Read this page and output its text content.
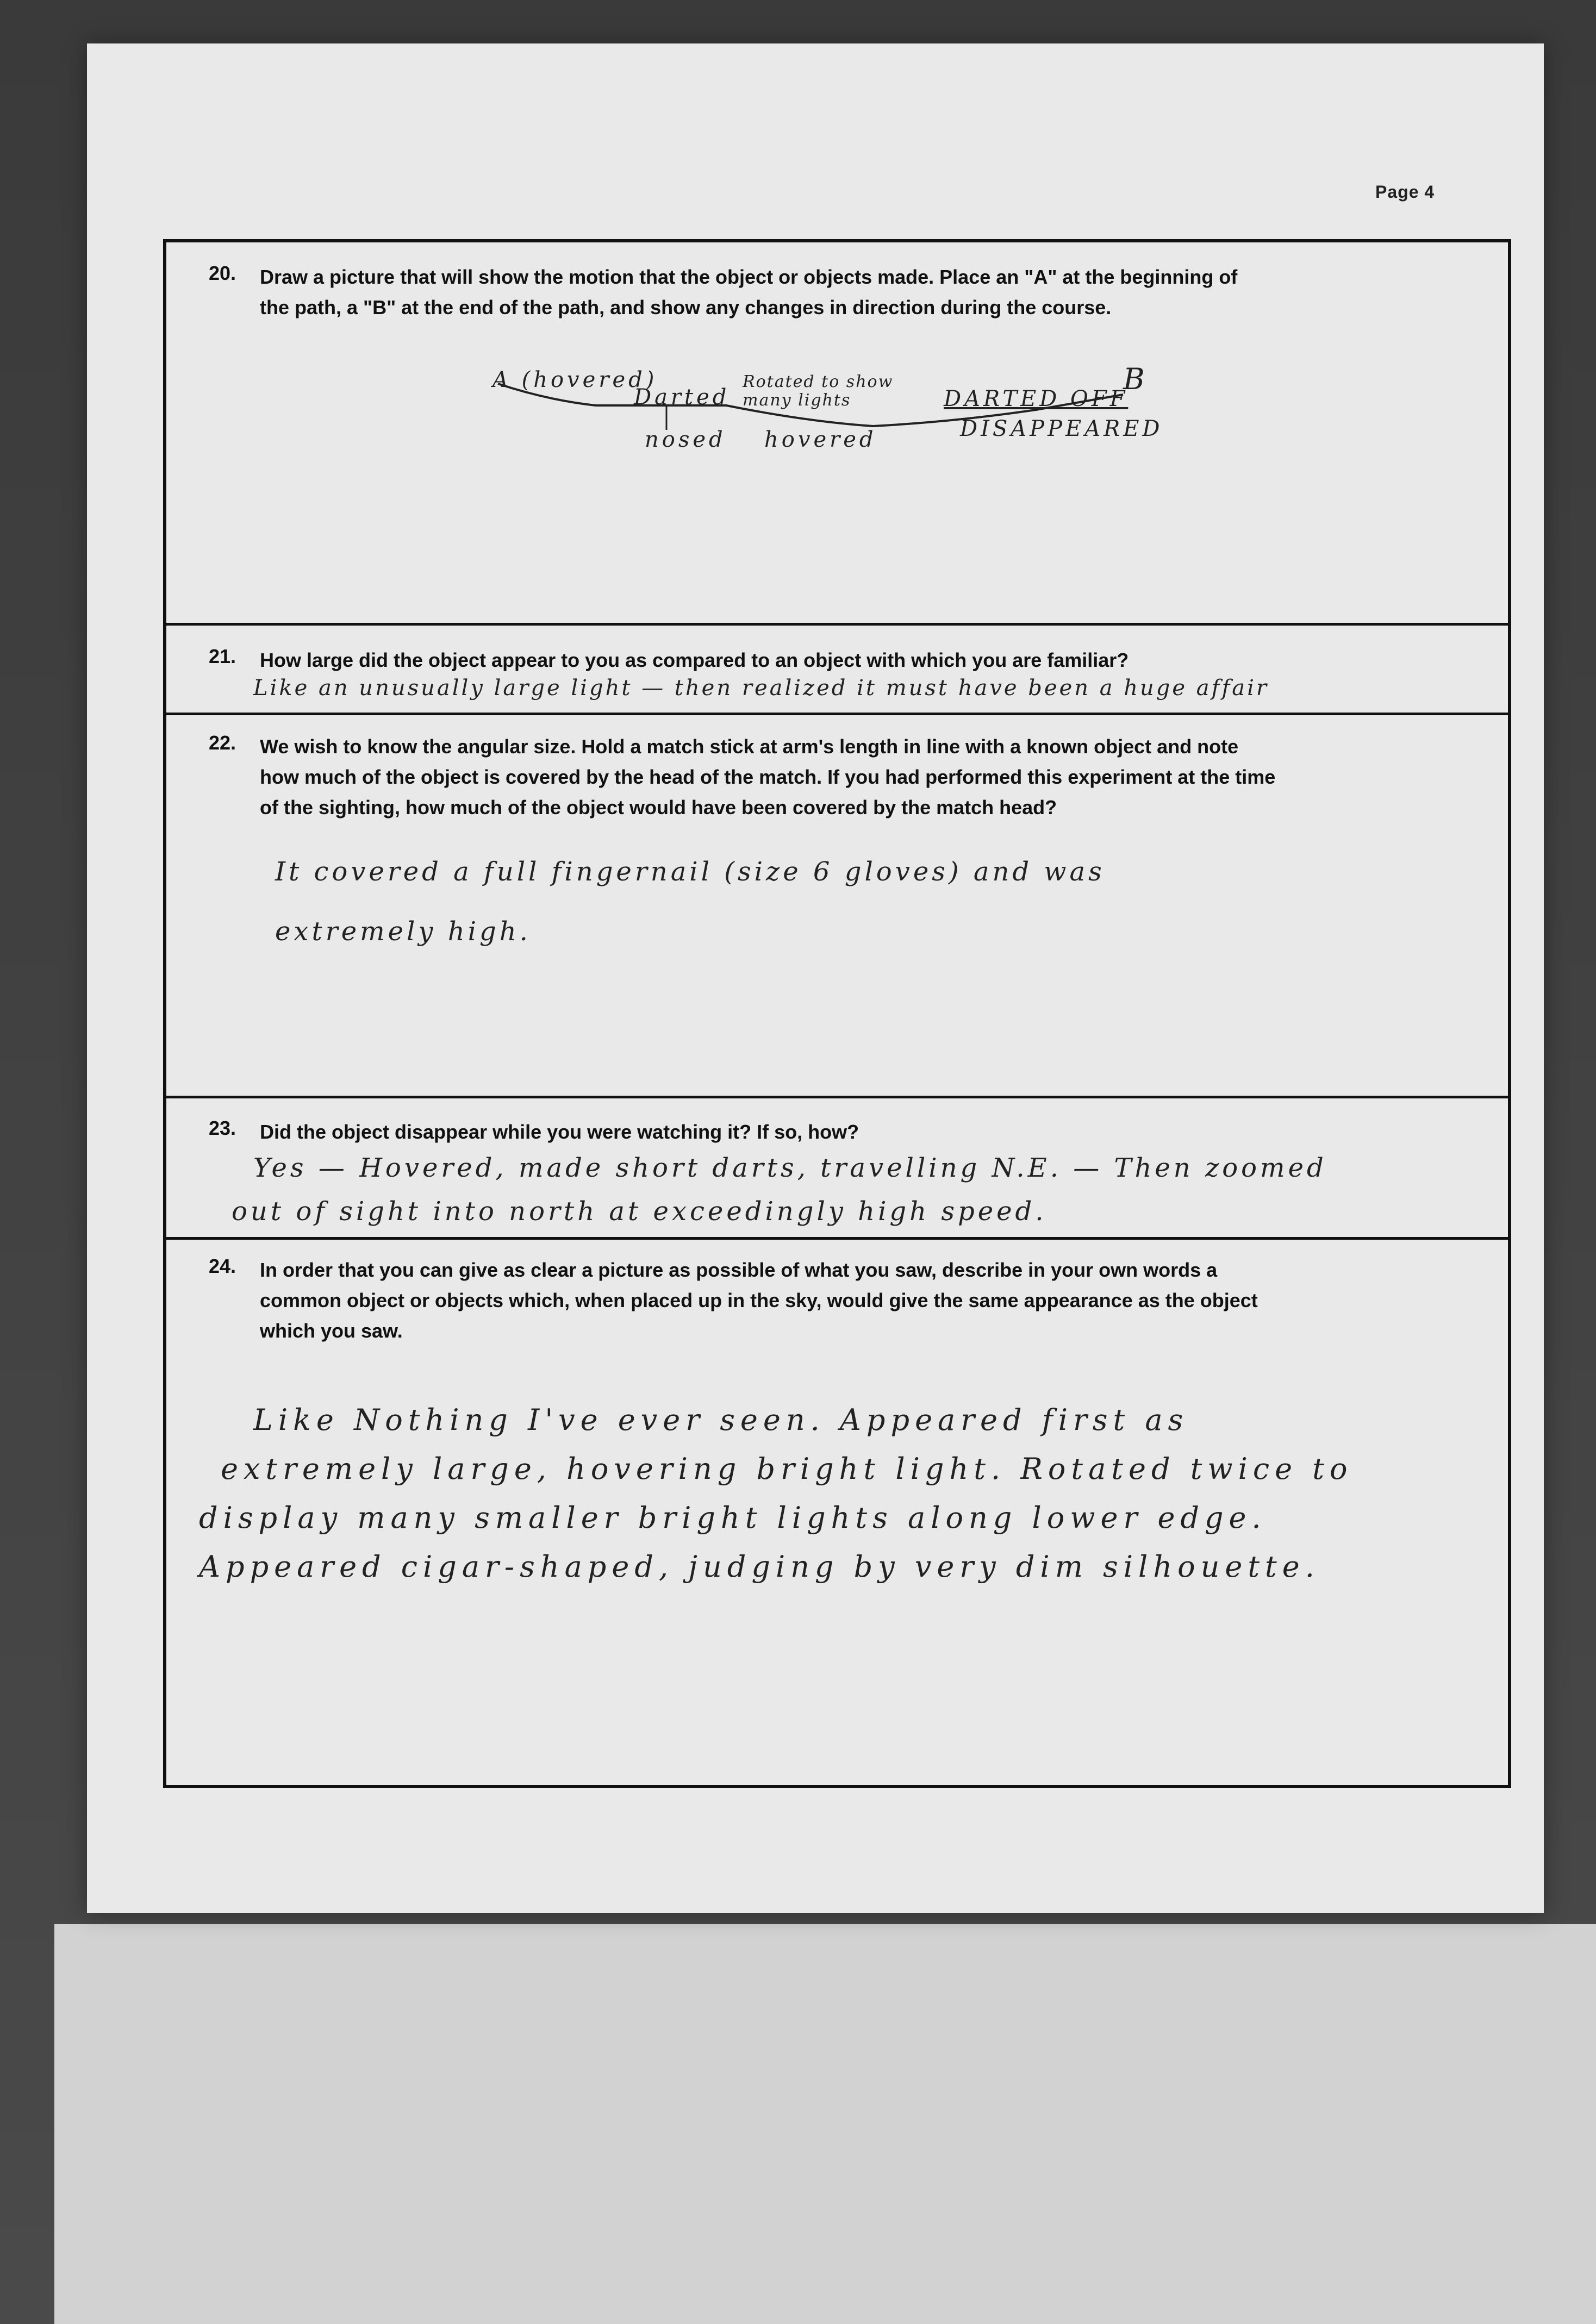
Page 4
20. Draw a picture that will show the motion that the object or objects made. Place an "A" at the beginning of
the path, a "B" at the end of the path, and show any changes in direction during the course.
A (hovered)
Darted
Rotated to show many lights
nosed hovered
DARTED OFF
B
DISAPPEARED
21. How large did the object appear to you as compared to an object with which you are familiar?
Like an unusually large light — then realized it must have been a huge affair
22. We wish to know the angular size. Hold a match stick at arm's length in line with a known object and note
how much of the object is covered by the head of the match. If you had performed this experiment at the time
of the sighting, how much of the object would have been covered by the match head?
It covered a full fingernail (size 6 gloves) and was
extremely high.
23. Did the object disappear while you were watching it? If so, how?
Yes — Hovered, made short darts, travelling N.E. — Then zoomed
out of sight into north at exceedingly high speed.
24. In order that you can give as clear a picture as possible of what you saw, describe in your own words a
common object or objects which, when placed up in the sky, would give the same appearance as the object
which you saw.
Like Nothing I've ever seen. Appeared first as
extremely large, hovering bright light. Rotated twice to
display many smaller bright lights along lower edge.
Appeared cigar-shaped, judging by very dim silhouette.
